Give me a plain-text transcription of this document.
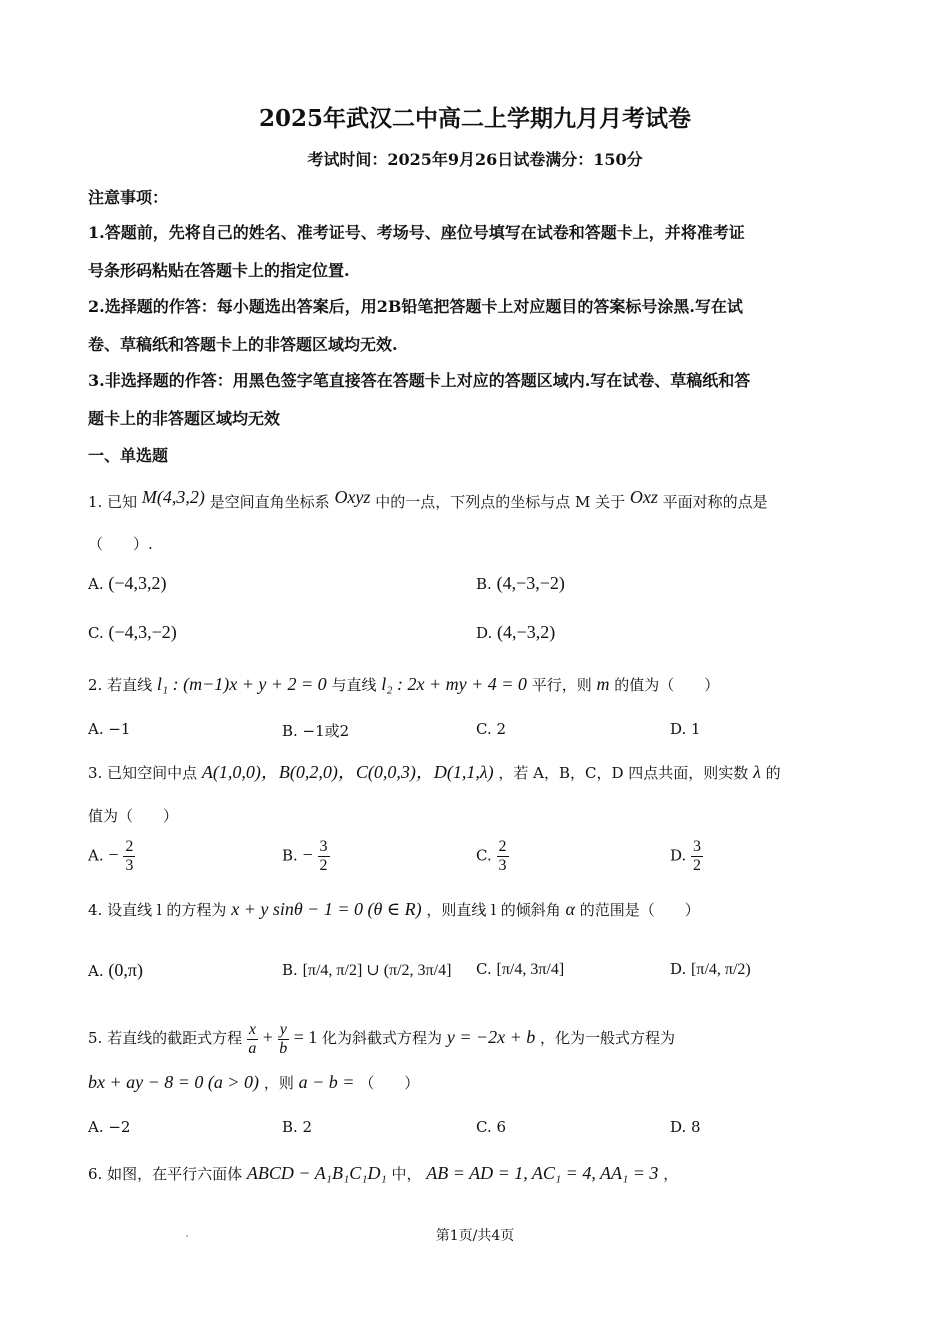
2025年武汉二中高二上学期九月月考试卷
考试时间：2025年9月26日试卷满分：150分
注意事项：
1.答题前，先将自己的姓名、准考证号、考场号、座位号填写在试卷和答题卡上，并将准考证
号条形码粘贴在答题卡上的指定位置.
2.选择题的作答：每小题选出答案后，用2B铅笔把答题卡上对应题目的答案标号涂黑.写在试
卷、草稿纸和答题卡上的非答题区域均无效.
3.非选择题的作答：用黑色签字笔直接答在答题卡上对应的答题区域内.写在试卷、草稿纸和答
题卡上的非答题区域均无效
一、单选题
1. 已知 M(4,3,2) 是空间直角坐标系 Oxyz 中的一点，下列点的坐标与点 M 关于 Oxz 平面对称的点是
（　　）.
A. (−4,3,2)	B. (4,−3,−2)
C. (−4,3,−2)	D. (4,−3,2)
2. 若直线 l₁ : (m−1)x + y + 2 = 0 与直线 l₂ : 2x + my + 4 = 0 平行，则 m 的值为（　　）
A. −1	B. −1或2	C. 2	D. 1
3. 已知空间中点 A(1,0,0)，B(0,2,0)，C(0,0,3)，D(1,1,λ) ，若 A，B，C，D 四点共面，则实数 λ 的
值为（　　）
A. − $\frac{2}{3}$	B. − $\frac{3}{2}$	C. $\frac{2}{3}$	D. $\frac{3}{2}$
4. 设直线 l 的方程为 x + y sinθ − 1 = 0 (θ ∈ R) ，则直线 l 的倾斜角 α 的范围是（　　）
A. (0,π)	B. [π/4, π/2] ∪ (π/2, 3π/4] C. [π/4, 3π/4]	D. [π/4, π/2)
5. 若直线的截距式方程 $\frac{x}{a} + \frac{y}{b} = 1$ 化为斜截式方程为 y = −2x + b ，化为一般式方程为
bx + ay − 8 = 0 (a > 0) ，则 a − b = （　　）
A. −2	B. 2	C. 6	D. 8
6. 如图，在平行六面体 ABCD − A₁B₁C₁D₁ 中， AB = AD = 1, AC₁ = 4, AA₁ = 3 ，
第1页/共4页
